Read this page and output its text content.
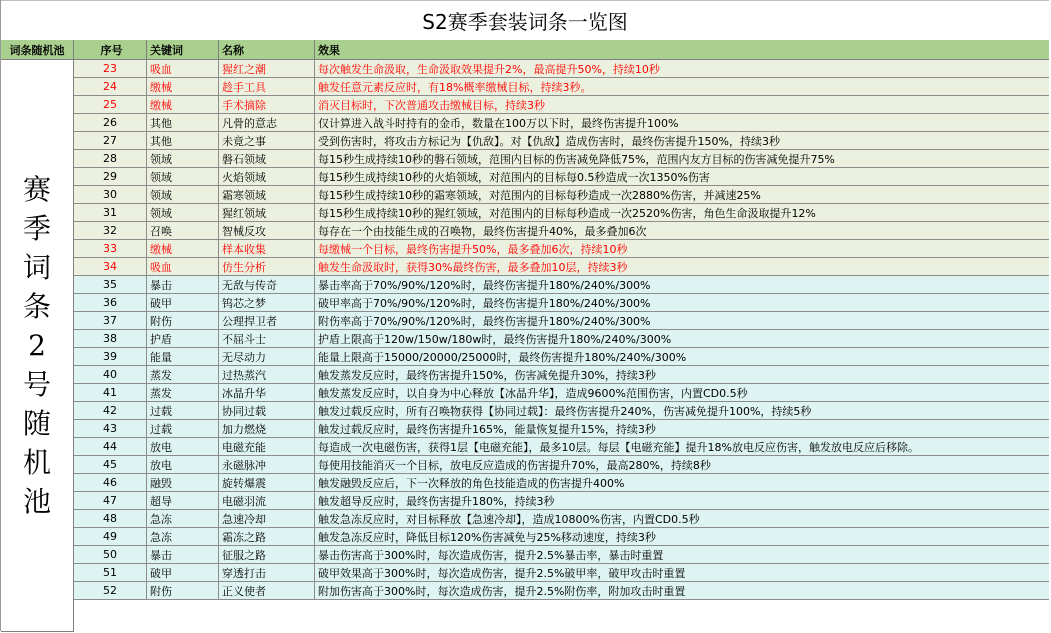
S2赛季套装词条一览图
词条随机池	序号	关键词	名称	效果
赛
季
词
条
2
号
随
机
池
23	吸血	猩红之潮	每次触发生命汲取，生命汲取效果提升2%，最高提升50%，持续10秒
24	缴械	趁手工具	触发任意元素反应时，有18%概率缴械目标，持续3秒。
25	缴械	手术摘除	消灭目标时，下次普通攻击缴械目标，持续3秒
26	其他	凡骨的意志	仅计算进入战斗时持有的金币，数量在100万以下时，最终伤害提升100%
27	其他	未竟之事	受到伤害时，将攻击方标记为【仇敌】。对【仇敌】造成伤害时，最终伤害提升150%，持续3秒
28	领域	磐石领域	每15秒生成持续10秒的磐石领域，范围内目标的伤害减免降低75%，范围内友方目标的伤害减免提升75%
29	领域	火焰领域	每15秒生成持续10秒的火焰领域，对范围内的目标每0.5秒造成一次1350%伤害
30	领域	霜寒领域	每15秒生成持续10秒的霜寒领域，对范围内的目标每秒造成一次2880%伤害，并减速25%
31	领域	猩红领域	每15秒生成持续10秒的猩红领域，对范围内的目标每秒造成一次2520%伤害，角色生命汲取提升12%
32	召唤	智械反攻	每存在一个由技能生成的召唤物，最终伤害提升40%，最多叠加6次
33	缴械	样本收集	每缴械一个目标，最终伤害提升50%，最多叠加6次，持续10秒
34	吸血	仿生分析	触发生命汲取时，获得30%最终伤害，最多叠加10层，持续3秒
35	暴击	无敌与传奇	暴击率高于70%/90%/120%时，最终伤害提升180%/240%/300%
36	破甲	钨芯之梦	破甲率高于70%/90%/120%时，最终伤害提升180%/240%/300%
37	附伤	公理捍卫者	附伤率高于70%/90%/120%时，最终伤害提升180%/240%/300%
38	护盾	不屈斗士	护盾上限高于120w/150w/180w时，最终伤害提升180%/240%/300%
39	能量	无尽动力	能量上限高于15000/20000/25000时，最终伤害提升180%/240%/300%
40	蒸发	过热蒸汽	触发蒸发反应时，最终伤害提升150%，伤害减免提升30%，持续3秒
41	蒸发	冰晶升华	触发蒸发反应时，以自身为中心释放【冰晶升华】，造成9600%范围伤害，内置CD0.5秒
42	过载	协同过载	触发过载反应时，所有召唤物获得【协同过载】：最终伤害提升240%，伤害减免提升100%，持续5秒
43	过载	加力燃烧	触发过载反应时，最终伤害提升165%，能量恢复提升15%，持续3秒
44	放电	电磁充能	每造成一次电磁伤害，获得1层【电磁充能】，最多10层。每层【电磁充能】提升18%放电反应伤害，触发放电反应后移除。
45	放电	永磁脉冲	每使用技能消灭一个目标，放电反应造成的伤害提升70%，最高280%，持续8秒
46	融毁	旋转爆震	触发融毁反应后，下一次释放的角色技能造成的伤害提升400%
47	超导	电磁羽流	触发超导反应时，最终伤害提升180%，持续3秒
48	急冻	急速冷却	触发急冻反应时，对目标释放【急速冷却】，造成10800%伤害，内置CD0.5秒
49	急冻	霜冻之路	触发急冻反应时，降低目标120%伤害减免与25%移动速度，持续3秒
50	暴击	征服之路	暴击伤害高于300%时，每次造成伤害，提升2.5%暴击率，暴击时重置
51	破甲	穿透打击	破甲效果高于300%时，每次造成伤害，提升2.5%破甲率，破甲攻击时重置
52	附伤	正义使者	附加伤害高于300%时，每次造成伤害，提升2.5%附伤率，附加攻击时重置
